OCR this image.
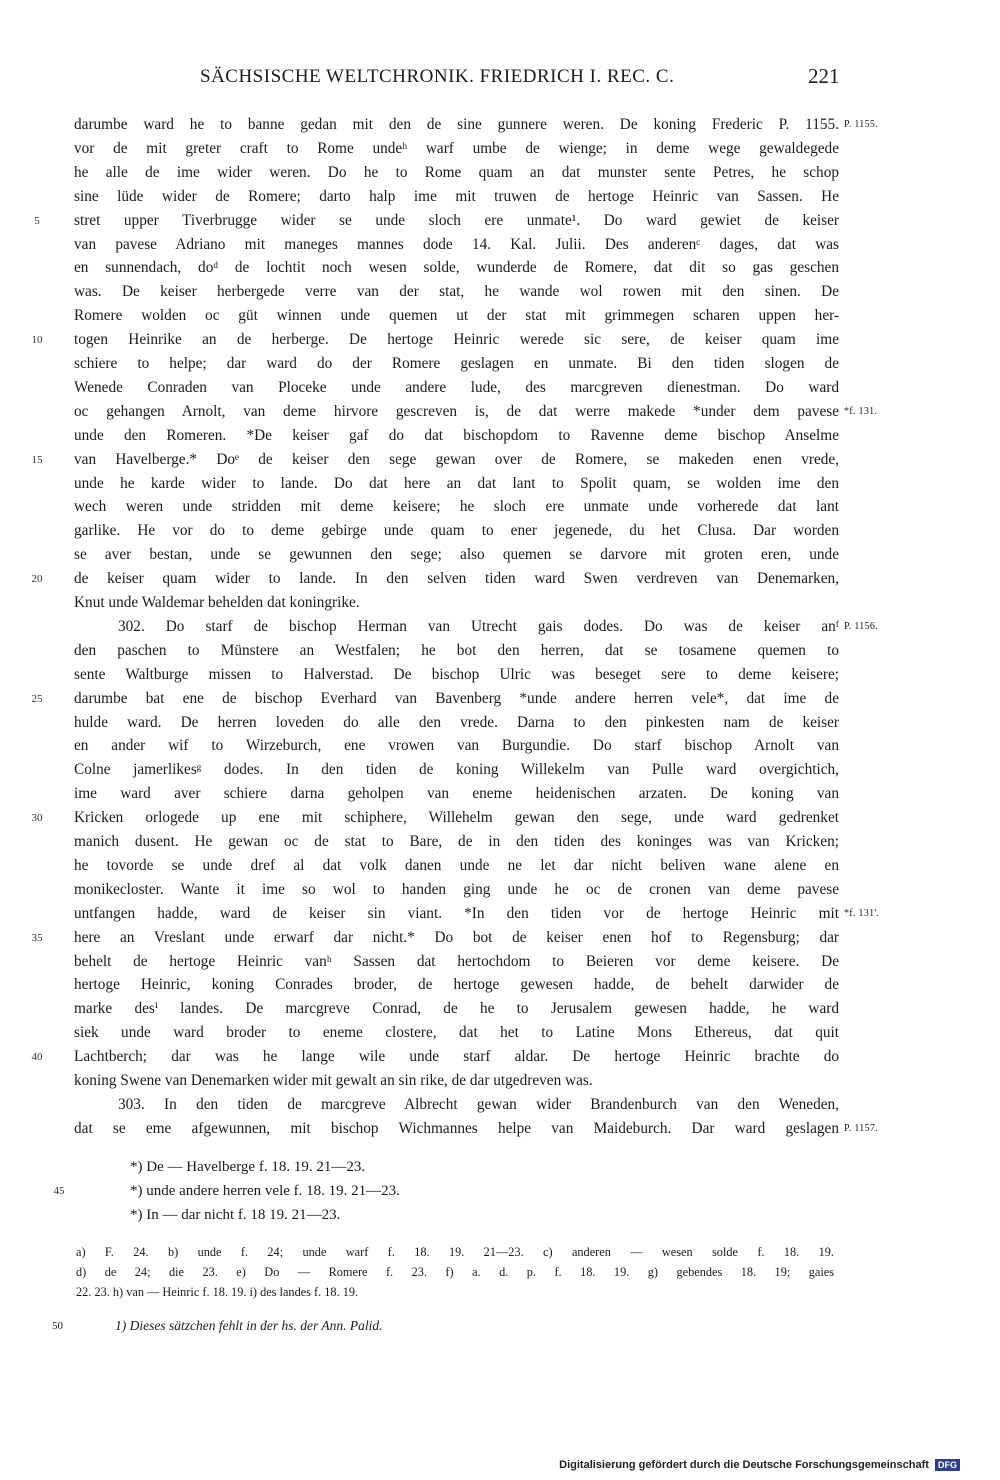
SÄCHSISCHE WELTCHRONIK. FRIEDRICH I. REC. C.	221
darumbe ward he to banne gedan mit den de sine gunnere weren. De koning Frederic P. 1155.
vor de mit greter craft to Rome undeʰ warf umbe de wienge; in deme wege gewaldegede
he alle de ime wider weren. Do he to Rome quam an dat munster sente Petres, he schop
sine lüde wider de Romere; darto halp ime mit truwen de hertoge Heinric van Sassen. He
stret upper Tiverbrugge wider se unde sloch ere unmate¹. Do ward gewiet de keiser
5
van pavese Adriano mit maneges mannes dode 14. Kal. Julii. Des anderenᶜ dages, dat was
en sunnendach, doᵈ de lochtit noch wesen solde, wunderde de Romere, dat dit so gas geschen
was. De keiser herbergede verre van der stat, he wande wol rowen mit den sinen. De
Romere wolden oc güt winnen unde quemen ut der stat mit grimmegen scharen uppen her-
togen Heinrike an de herberge. De hertoge Heinric werede sic sere, de keiser quam ime
10
schiere to helpe; dar ward do der Romere geslagen en unmate. Bi den tiden slogen de
Wenede Conraden van Ploceke unde andere lude, des marcgreven dienestman. Do ward
oc gehangen Arnolt, van deme hirvore gescreven is, de dat werre makede *under dem pavese
unde den Romeren. *De keiser gaf do dat bischopdom to Ravenne deme bischop Anselme
van Havelberge.* Doᵉ de keiser den sege gewan over de Romere, se makeden enen vrede,
15
unde he karde wider to lande. Do dat here an dat lant to Spolit quam, se wolden ime den
wech weren unde stridden mit deme keisere; he sloch ere unmate unde vorherede dat lant
garlike. He vor do to deme gebirge unde quam to ener jegenede, du het Clusa. Dar worden
se aver bestan, unde se gewunnen den sege; also quemen se darvore mit groten eren, unde
de keiser quam wider to lande. In den selven tiden ward Swen verdreven van Denemarken,
20
Knut unde Waldemar behelden dat koningrike.
302. Do starf de bischop Herman van Utrecht gais dodes. Do was de keiser anᶠ
den paschen to Münstere an Westfalen; he bot den herren, dat se tosamene quemen to
sente Waltburge missen to Halverstad. De bischop Ulric was beseget sere to deme keisere;
darumbe bat ene de bischop Everhard van Bavenberg *unde andere herren vele*, dat ime de
25
hulde ward. De herren loveden do alle den vrede. Darna to den pinkesten nam de keiser
en ander wif to Wirzeburch, ene vrowen van Burgundie. Do starf bischop Arnolt van
Colne jamerlikesᵍ dodes. In den tiden de koning Willekelm van Pulle ward overgichtich,
ime ward aver schiere darna geholpen van eneme heidenischen arzaten. De koning van
Kricken orlogede up ene mit schiphere, Willehelm gewan den sege, unde ward gedrenket
30
manich dusent. He gewan oc de stat to Bare, de in den tiden des koninges was van Kricken;
he tovorde se unde dref al dat volk danen unde ne let dar nicht beliven wane alene en
monikecloster. Wante it ime so wol to handen ging unde he oc de cronen van deme pavese
untfangen hadde, ward de keiser sin viant. *In den tiden vor de hertoge Heinric mit
here an Vreslant unde erwarf dar nicht.* Do bot de keiser enen hof to Regensburg; dar
35
behelt de hertoge Heinric vanʰ Sassen dat hertochdom to Beieren vor deme keisere. De
hertoge Heinric, koning Conrades broder, de hertoge gewesen hadde, de behelt darwider de
marke desⁱ landes. De marcgreve Conrad, de he to Jerusalem gewesen hadde, he ward
siek unde ward broder to eneme clostere, dat het to Latine Mons Ethereus, dat quit
Lachtberch; dar was he lange wile unde starf aldar. De hertoge Heinric brachte do
40
koning Swene van Denemarken wider mit gewalt an sin rike, de dar utgedreven was.
303. In den tiden de marcgreve Albrecht gewan wider Brandenburch van den Weneden,
dat se eme afgewunnen, mit bischop Wichmannes helpe van Maideburch. Dar ward geslagen
P. 1155.
*f. 131.
P. 1156.
*f. 131'.
P. 1157.
*) De — Havelberge f. 18. 19. 21—23.
*) unde andere herren vele f. 18. 19. 21—23.
*) In — dar nicht f. 18 19. 21—23.
45
a) F. 24. b) unde f. 24; unde warf f. 18. 19. 21—23. c) anderen — wesen solde f. 18. 19.
d) de 24; die 23. e) Do — Romere f. 23. f) a. d. p. f. 18. 19. g) gebendes 18. 19; gaies
22. 23. h) van — Heinric f. 18. 19. i) des landes f. 18. 19.
50	1) Dieses sätzchen fehlt in der hs. der Ann. Palid.
Digitalisierung gefördert durch die Deutsche Forschungsgemeinschaft DFG
